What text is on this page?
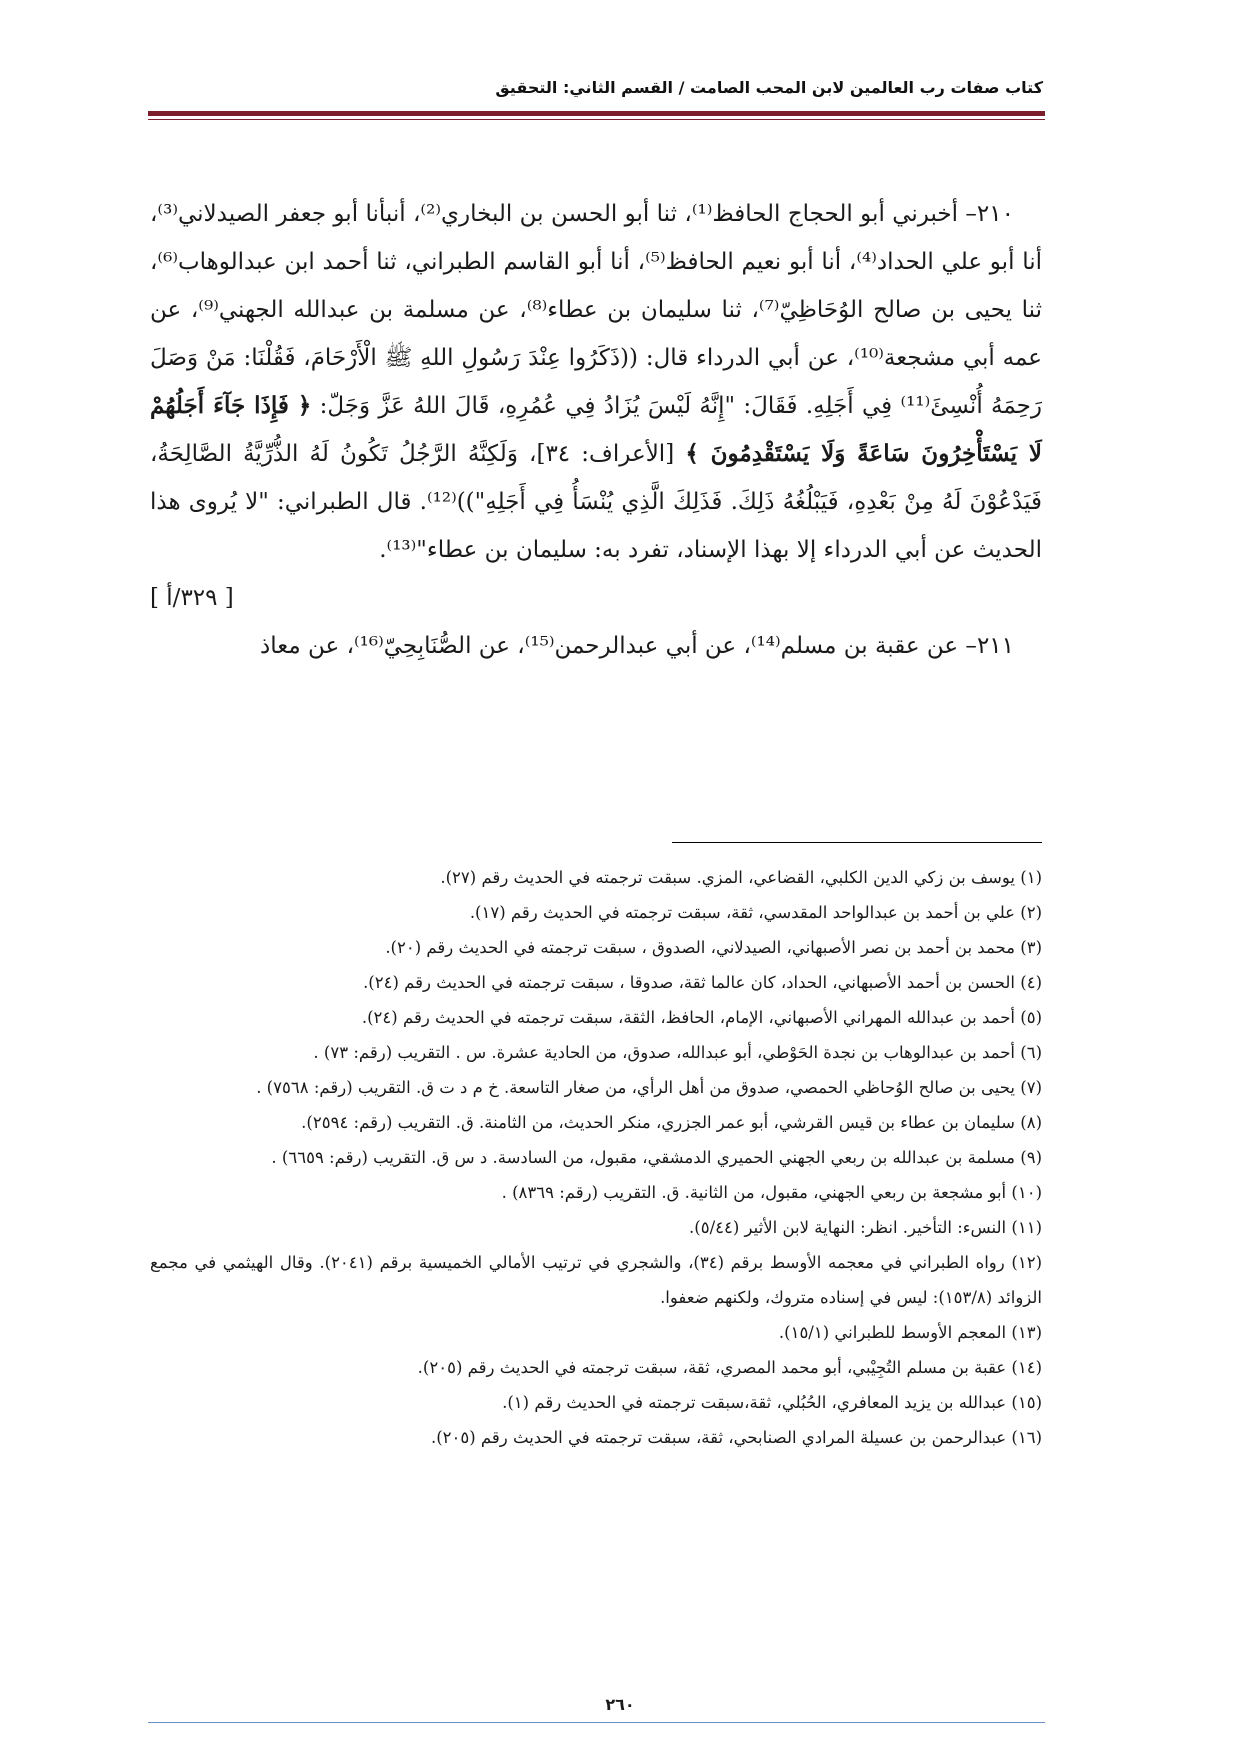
كتاب صفات رب العالمين لابن المحب الصامت / القسم الثاني: التحقيق

٢١٠– أخبرني أبو الحجاج الحافظ⁽¹⁾، ثنا أبو الحسن بن البخاري⁽²⁾، أنبأنا أبو جعفر الصيدلاني⁽³⁾، أنا أبو علي الحداد⁽⁴⁾، أنا أبو نعيم الحافظ⁽⁵⁾، أنا أبو القاسم الطبراني، ثنا أحمد ابن عبدالوهاب⁽⁶⁾، ثنا يحيى بن صالح الوُحَاظِيّ⁽⁷⁾، ثنا سليمان بن عطاء⁽⁸⁾، عن مسلمة بن عبدالله الجهني⁽⁹⁾، عن عمه أبي مشجعة⁽¹⁰⁾، عن أبي الدرداء قال: ((ذَكَرُوا عِنْدَ رَسُولِ اللهِ ﷺ الْأَرْحَامَ، فَقُلْنَا: مَنْ وَصَلَ رَحِمَهُ أُنْسِئَ⁽¹¹⁾ فِي أَجَلِهِ. فَقَالَ: "إِنَّهُ لَيْسَ يُزَادُ فِي عُمُرِهِ، قَالَ اللهُ عَزَّ وَجَلّ: ﴿ فَإِذَا جَآءَ أَجَلُهُمْ لَا يَسْتَأْخِرُونَ سَاعَةً وَلَا يَسْتَقْدِمُونَ ﴾ [الأعراف: ٣٤]، وَلَكِنَّهُ الرَّجُلُ تَكُونُ لَهُ الذُّرِّيَّةُ الصَّالِحَةُ، فَيَدْعُوْنَ لَهُ مِنْ بَعْدِهِ، فَيَبْلُغُهُ ذَلِكَ. فَذَلِكَ الَّذِي يُنْسَأُ فِي أَجَلِهِ"))⁽¹²⁾. قال الطبراني: "لا يُروى هذا الحديث عن أبي الدرداء إلا بهذا الإسناد، تفرد به: سليمان بن عطاء"⁽¹³⁾.

[ ٣٢٩/أ ]

٢١١– عن عقبة بن مسلم⁽¹⁴⁾، عن أبي عبدالرحمن⁽¹⁵⁾، عن الصُّنَابِحِيّ⁽¹⁶⁾، عن معاذ

(١) يوسف بن زكي الدين الكلبي، القضاعي، المزي. سبقت ترجمته في الحديث رقم (٢٧).

(٢) علي بن أحمد بن عبدالواحد المقدسي، ثقة، سبقت ترجمته في الحديث رقم (١٧).

(٣) محمد بن أحمد بن نصر الأصبهاني، الصيدلاني، الصدوق ، سبقت ترجمته في الحديث رقم (٢٠).

(٤) الحسن بن أحمد الأصبهاني، الحداد، كان عالما ثقة، صدوقا ، سبقت ترجمته في الحديث رقم (٢٤).

(٥) أحمد بن عبدالله المهراني الأصبهاني، الإمام، الحافظ، الثقة، سبقت ترجمته في الحديث رقم (٢٤).

(٦) أحمد بن عبدالوهاب بن نجدة الحَوْطي، أبو عبدالله، صدوق، من الحادية عشرة. س . التقريب (رقم: ٧٣) .

(٧) يحيى بن صالح الوُحاظي الحمصي، صدوق من أهل الرأي، من صغار التاسعة. خ م د ت ق. التقريب (رقم: ٧٥٦٨) .

(٨) سليمان بن عطاء بن قيس القرشي، أبو عمر الجزري، منكر الحديث، من الثامنة. ق. التقريب (رقم: ٢٥٩٤).

(٩) مسلمة بن عبدالله بن ربعي الجهني الحميري الدمشقي، مقبول، من السادسة. د س ق. التقريب (رقم: ٦٦٥٩) .

(١٠) أبو مشجعة بن ربعي الجهني، مقبول، من الثانية. ق. التقريب (رقم: ٨٣٦٩) .

(١١) النسء: التأخير. انظر: النهاية لابن الأثير (٥/٤٤).

(١٢) رواه الطبراني في معجمه الأوسط برقم (٣٤)، والشجري في ترتيب الأمالي الخميسية برقم (٢٠٤١). وقال الهيثمي في مجمع الزوائد (١٥٣/٨): ليس في إسناده متروك، ولكنهم ضعفوا.

(١٣) المعجم الأوسط للطبراني (١٥/١).

(١٤) عقبة بن مسلم التُجِيْبي، أبو محمد المصري، ثقة، سبقت ترجمته في الحديث رقم (٢٠٥).

(١٥) عبدالله بن يزيد المعافري، الحُبُلي، ثقة،سبقت ترجمته في الحديث رقم (١).

(١٦) عبدالرحمن بن عسيلة المرادي الصنابحي، ثقة، سبقت ترجمته في الحديث رقم (٢٠٥).

٢٦٠
